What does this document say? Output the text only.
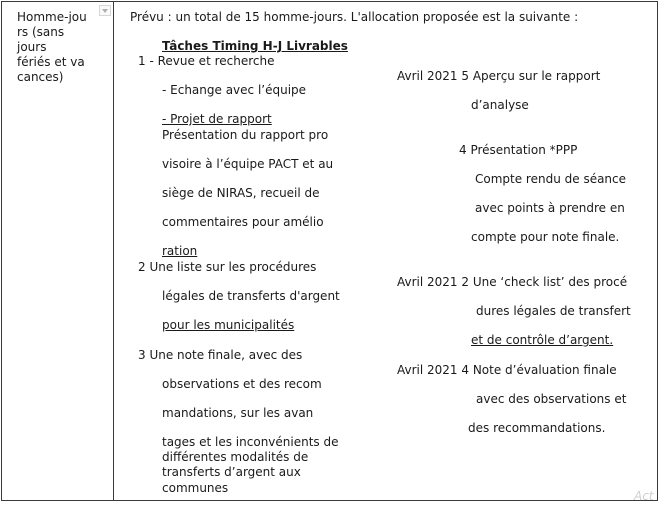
Homme-jou
rs (sans
jours
fériés et va
cances)
Prévu : un total de 15 homme-jours. L'allocation proposée est la suivante :
Tâches Timing H-J Livrables
1 - Revue et recherche
- Echange avec l’équipe
- Projet de rapport
Présentation du rapport pro
visoire à l’équipe PACT et au
siège de NIRAS, recueil de
commentaires pour amélio
ration
2 Une liste sur les procédures
légales de transferts d'argent
pour les municipalités
3 Une note finale, avec des
observations et des recom
mandations, sur les avan
tages et les inconvénients de
différentes modalités de
transferts d’argent aux
communes
Avril 2021 5 Aperçu sur le rapport
d’analyse
4 Présentation *PPP
Compte rendu de séance
avec points à prendre en
compte pour note finale.
Avril 2021 2 Une ‘check list’ des procé
dures légales de transfert
et de contrôle d’argent.
Avril 2021 4 Note d’évaluation finale
avec des observations et
des recommandations.
Act
